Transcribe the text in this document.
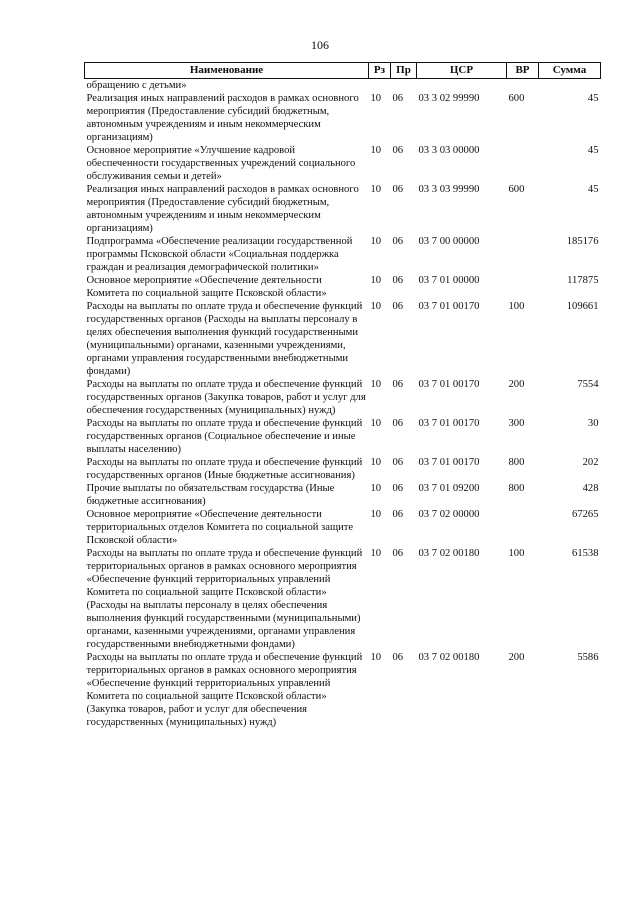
106
Наименование	Рз	Пр	ЦСР	ВР	Сумма
обращению с детьми»					
Реализация иных направлений расходов в рамках основного мероприятия (Предоставление субсидий бюджетным, автономным учреждениям и иным некоммерческим организациям)	10	06	03 3 02 99990	600	45
Основное мероприятие «Улучшение кадровой обеспеченности государственных учреждений социального обслуживания семьи и детей»	10	06	03 3 03 00000		45
Реализация иных направлений расходов в рамках основного мероприятия (Предоставление субсидий бюджетным, автономным учреждениям и иным некоммерческим организациям)	10	06	03 3 03 99990	600	45
Подпрограмма «Обеспечение реализации государственной программы Псковской области «Социальная поддержка граждан и реализация демографической политики»	10	06	03 7 00 00000		185176
Основное мероприятие «Обеспечение деятельности Комитета по социальной защите Псковской области»	10	06	03 7 01 00000		117875
Расходы на выплаты по оплате труда и обеспечение функций государственных органов (Расходы на выплаты персоналу в целях обеспечения выполнения функций государственными (муниципальными) органами, казенными учреждениями, органами управления государственными внебюджетными фондами)	10	06	03 7 01 00170	100	109661
Расходы на выплаты по оплате труда и обеспечение функций государственных органов (Закупка товаров, работ и услуг для обеспечения государственных (муниципальных) нужд)	10	06	03 7 01 00170	200	7554
Расходы на выплаты по оплате труда и обеспечение функций государственных органов (Социальное обеспечение и иные выплаты населению)	10	06	03 7 01 00170	300	30
Расходы на выплаты по оплате труда и обеспечение функций государственных органов (Иные бюджетные ассигнования)	10	06	03 7 01 00170	800	202
Прочие выплаты по обязательствам государства (Иные бюджетные ассигнования)	10	06	03 7 01 09200	800	428
Основное мероприятие «Обеспечение деятельности территориальных отделов Комитета по социальной защите Псковской области»	10	06	03 7 02 00000		67265
Расходы на выплаты по оплате труда и обеспечение функций территориальных органов в рамках основного мероприятия «Обеспечение функций территориальных управлений Комитета по социальной защите Псковской области» (Расходы на выплаты персоналу в целях обеспечения выполнения функций государственными (муниципальными) органами, казенными учреждениями, органами управления государственными внебюджетными фондами)	10	06	03 7 02 00180	100	61538
Расходы на выплаты по оплате труда и обеспечение функций территориальных органов в рамках основного мероприятия «Обеспечение функций территориальных управлений Комитета по социальной защите Псковской области» (Закупка товаров, работ и услуг для обеспечения государственных (муниципальных) нужд)	10	06	03 7 02 00180	200	5586
